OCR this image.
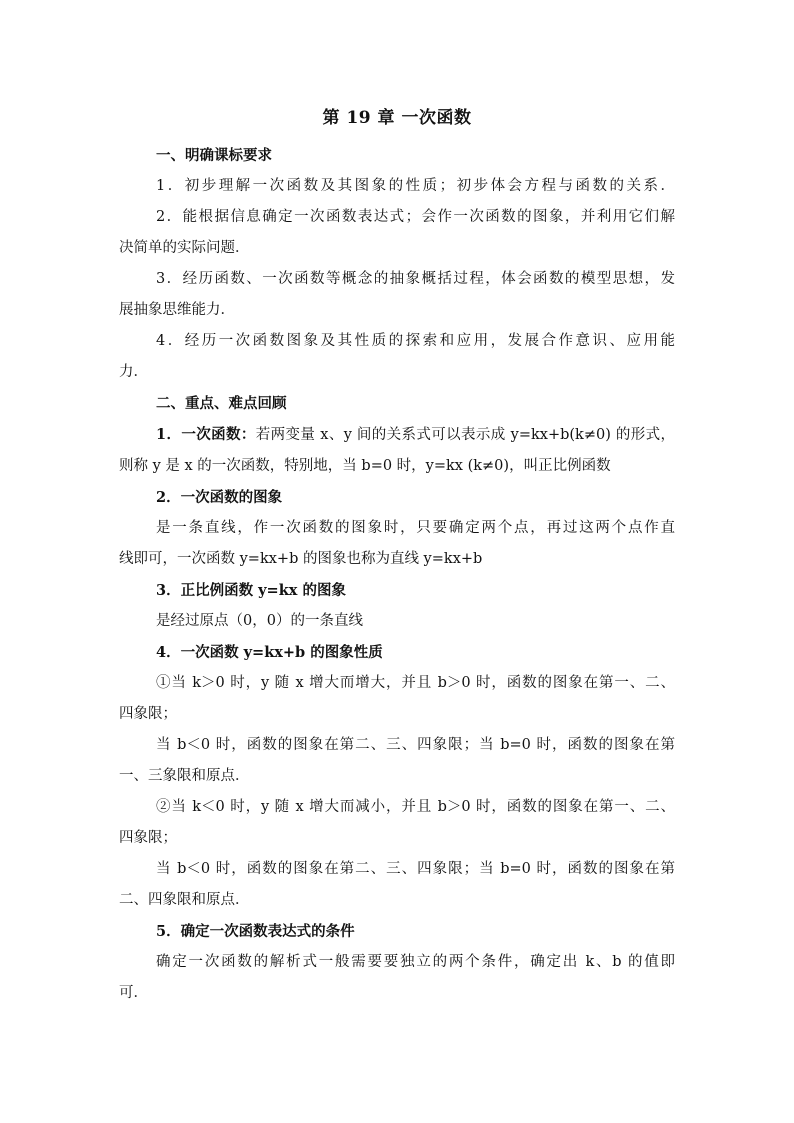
第 19 章 一次函数

一、明确课标要求

1．初步理解一次函数及其图象的性质；初步体会方程与函数的关系．

2．能根据信息确定一次函数表达式；会作一次函数的图象，并利用它们解

决简单的实际问题．

3．经历函数、一次函数等概念的抽象概括过程，体会函数的模型思想，发

展抽象思维能力．

4．经历一次函数图象及其性质的探索和应用，发展合作意识、应用能

力．

二、重点、难点回顾

1．一次函数：若两变量 x、y 间的关系式可以表示成 y=kx+b(k≠0) 的形式，

则称 y 是 x 的一次函数，特别地，当 b=0 时，y=kx (k≠0)，叫正比例函数

2．一次函数的图象

是一条直线，作一次函数的图象时，只要确定两个点，再过这两个点作直

线即可，一次函数 y=kx+b 的图象也称为直线 y=kx+b

3．正比例函数 y=kx 的图象

是经过原点（0，0）的一条直线

4．一次函数 y=kx+b 的图象性质

①当 k＞0 时，y 随 x 增大而增大，并且 b＞0 时，函数的图象在第一、二、

四象限；

当 b＜0 时，函数的图象在第二、三、四象限；当 b=0 时，函数的图象在第

一、三象限和原点．

②当 k＜0 时，y 随 x 增大而减小，并且 b＞0 时，函数的图象在第一、二、

四象限；

当 b＜0 时，函数的图象在第二、三、四象限；当 b=0 时，函数的图象在第

二、四象限和原点．

5．确定一次函数表达式的条件

确定一次函数的解析式一般需要要独立的两个条件，确定出 k、b 的值即

可．
